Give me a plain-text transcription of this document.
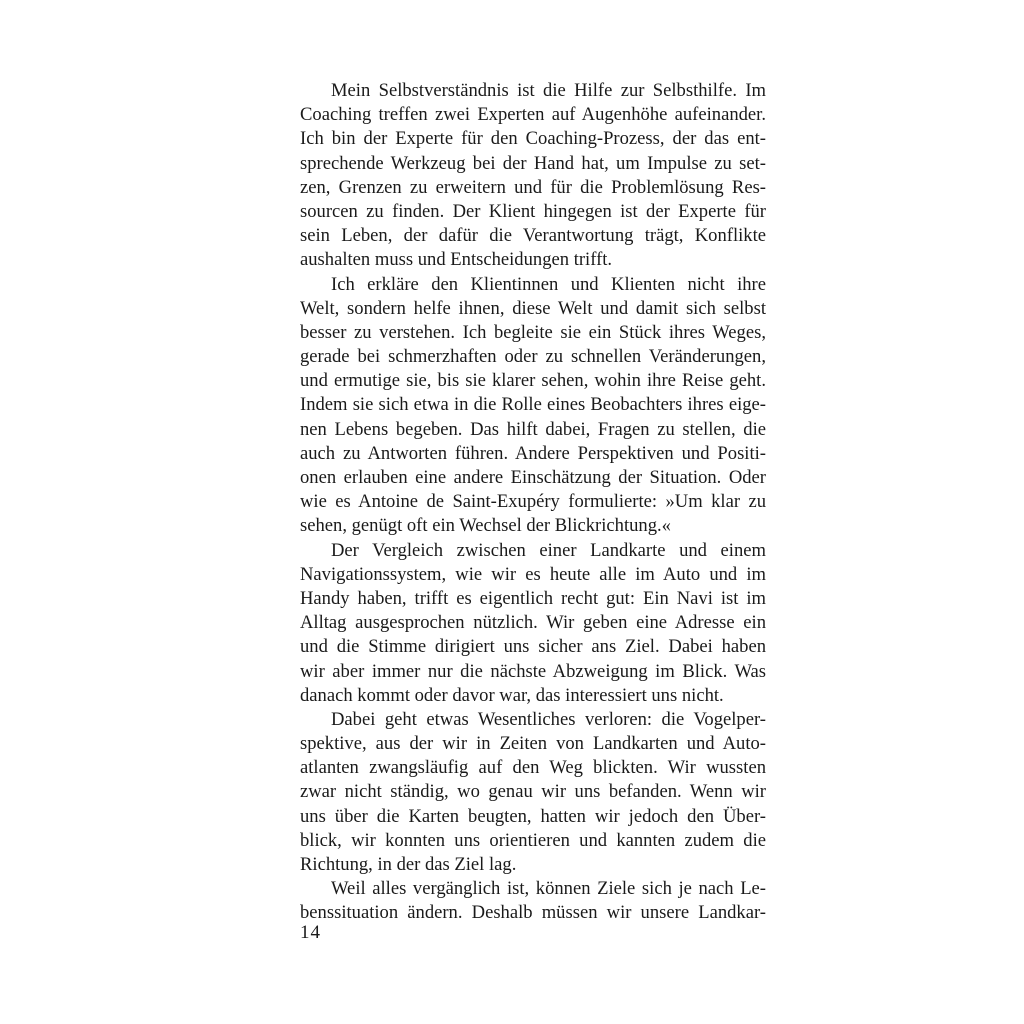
Mein Selbstverständnis ist die Hilfe zur Selbsthilfe. Im
Coaching treffen zwei Experten auf Augenhöhe aufeinander.
Ich bin der Experte für den Coaching-Prozess, der das ent-
sprechende Werkzeug bei der Hand hat, um Impulse zu set-
zen, Grenzen zu erweitern und für die Problemlösung Res-
sourcen zu finden. Der Klient hingegen ist der Experte für
sein Leben, der dafür die Verantwortung trägt, Konflikte
aushalten muss und Entscheidungen trifft.
Ich erkläre den Klientinnen und Klienten nicht ihre
Welt, sondern helfe ihnen, diese Welt und damit sich selbst
besser zu verstehen. Ich begleite sie ein Stück ihres Weges,
gerade bei schmerzhaften oder zu schnellen Veränderungen,
und ermutige sie, bis sie klarer sehen, wohin ihre Reise geht.
Indem sie sich etwa in die Rolle eines Beobachters ihres eige-
nen Lebens begeben. Das hilft dabei, Fragen zu stellen, die
auch zu Antworten führen. Andere Perspektiven und Positi-
onen erlauben eine andere Einschätzung der Situation. Oder
wie es Antoine de Saint-Exupéry formulierte: »Um klar zu
sehen, genügt oft ein Wechsel der Blickrichtung.«
Der Vergleich zwischen einer Landkarte und einem
Navigationssystem, wie wir es heute alle im Auto und im
Handy haben, trifft es eigentlich recht gut: Ein Navi ist im
Alltag ausgesprochen nützlich. Wir geben eine Adresse ein
und die Stimme dirigiert uns sicher ans Ziel. Dabei haben
wir aber immer nur die nächste Abzweigung im Blick. Was
danach kommt oder davor war, das interessiert uns nicht.
Dabei geht etwas Wesentliches verloren: die Vogelper-
spektive, aus der wir in Zeiten von Landkarten und Auto-
atlanten zwangsläufig auf den Weg blickten. Wir wussten
zwar nicht ständig, wo genau wir uns befanden. Wenn wir
uns über die Karten beugten, hatten wir jedoch den Über-
blick, wir konnten uns orientieren und kannten zudem die
Richtung, in der das Ziel lag.
Weil alles vergänglich ist, können Ziele sich je nach Le-
benssituation ändern. Deshalb müssen wir unsere Landkar-
14
